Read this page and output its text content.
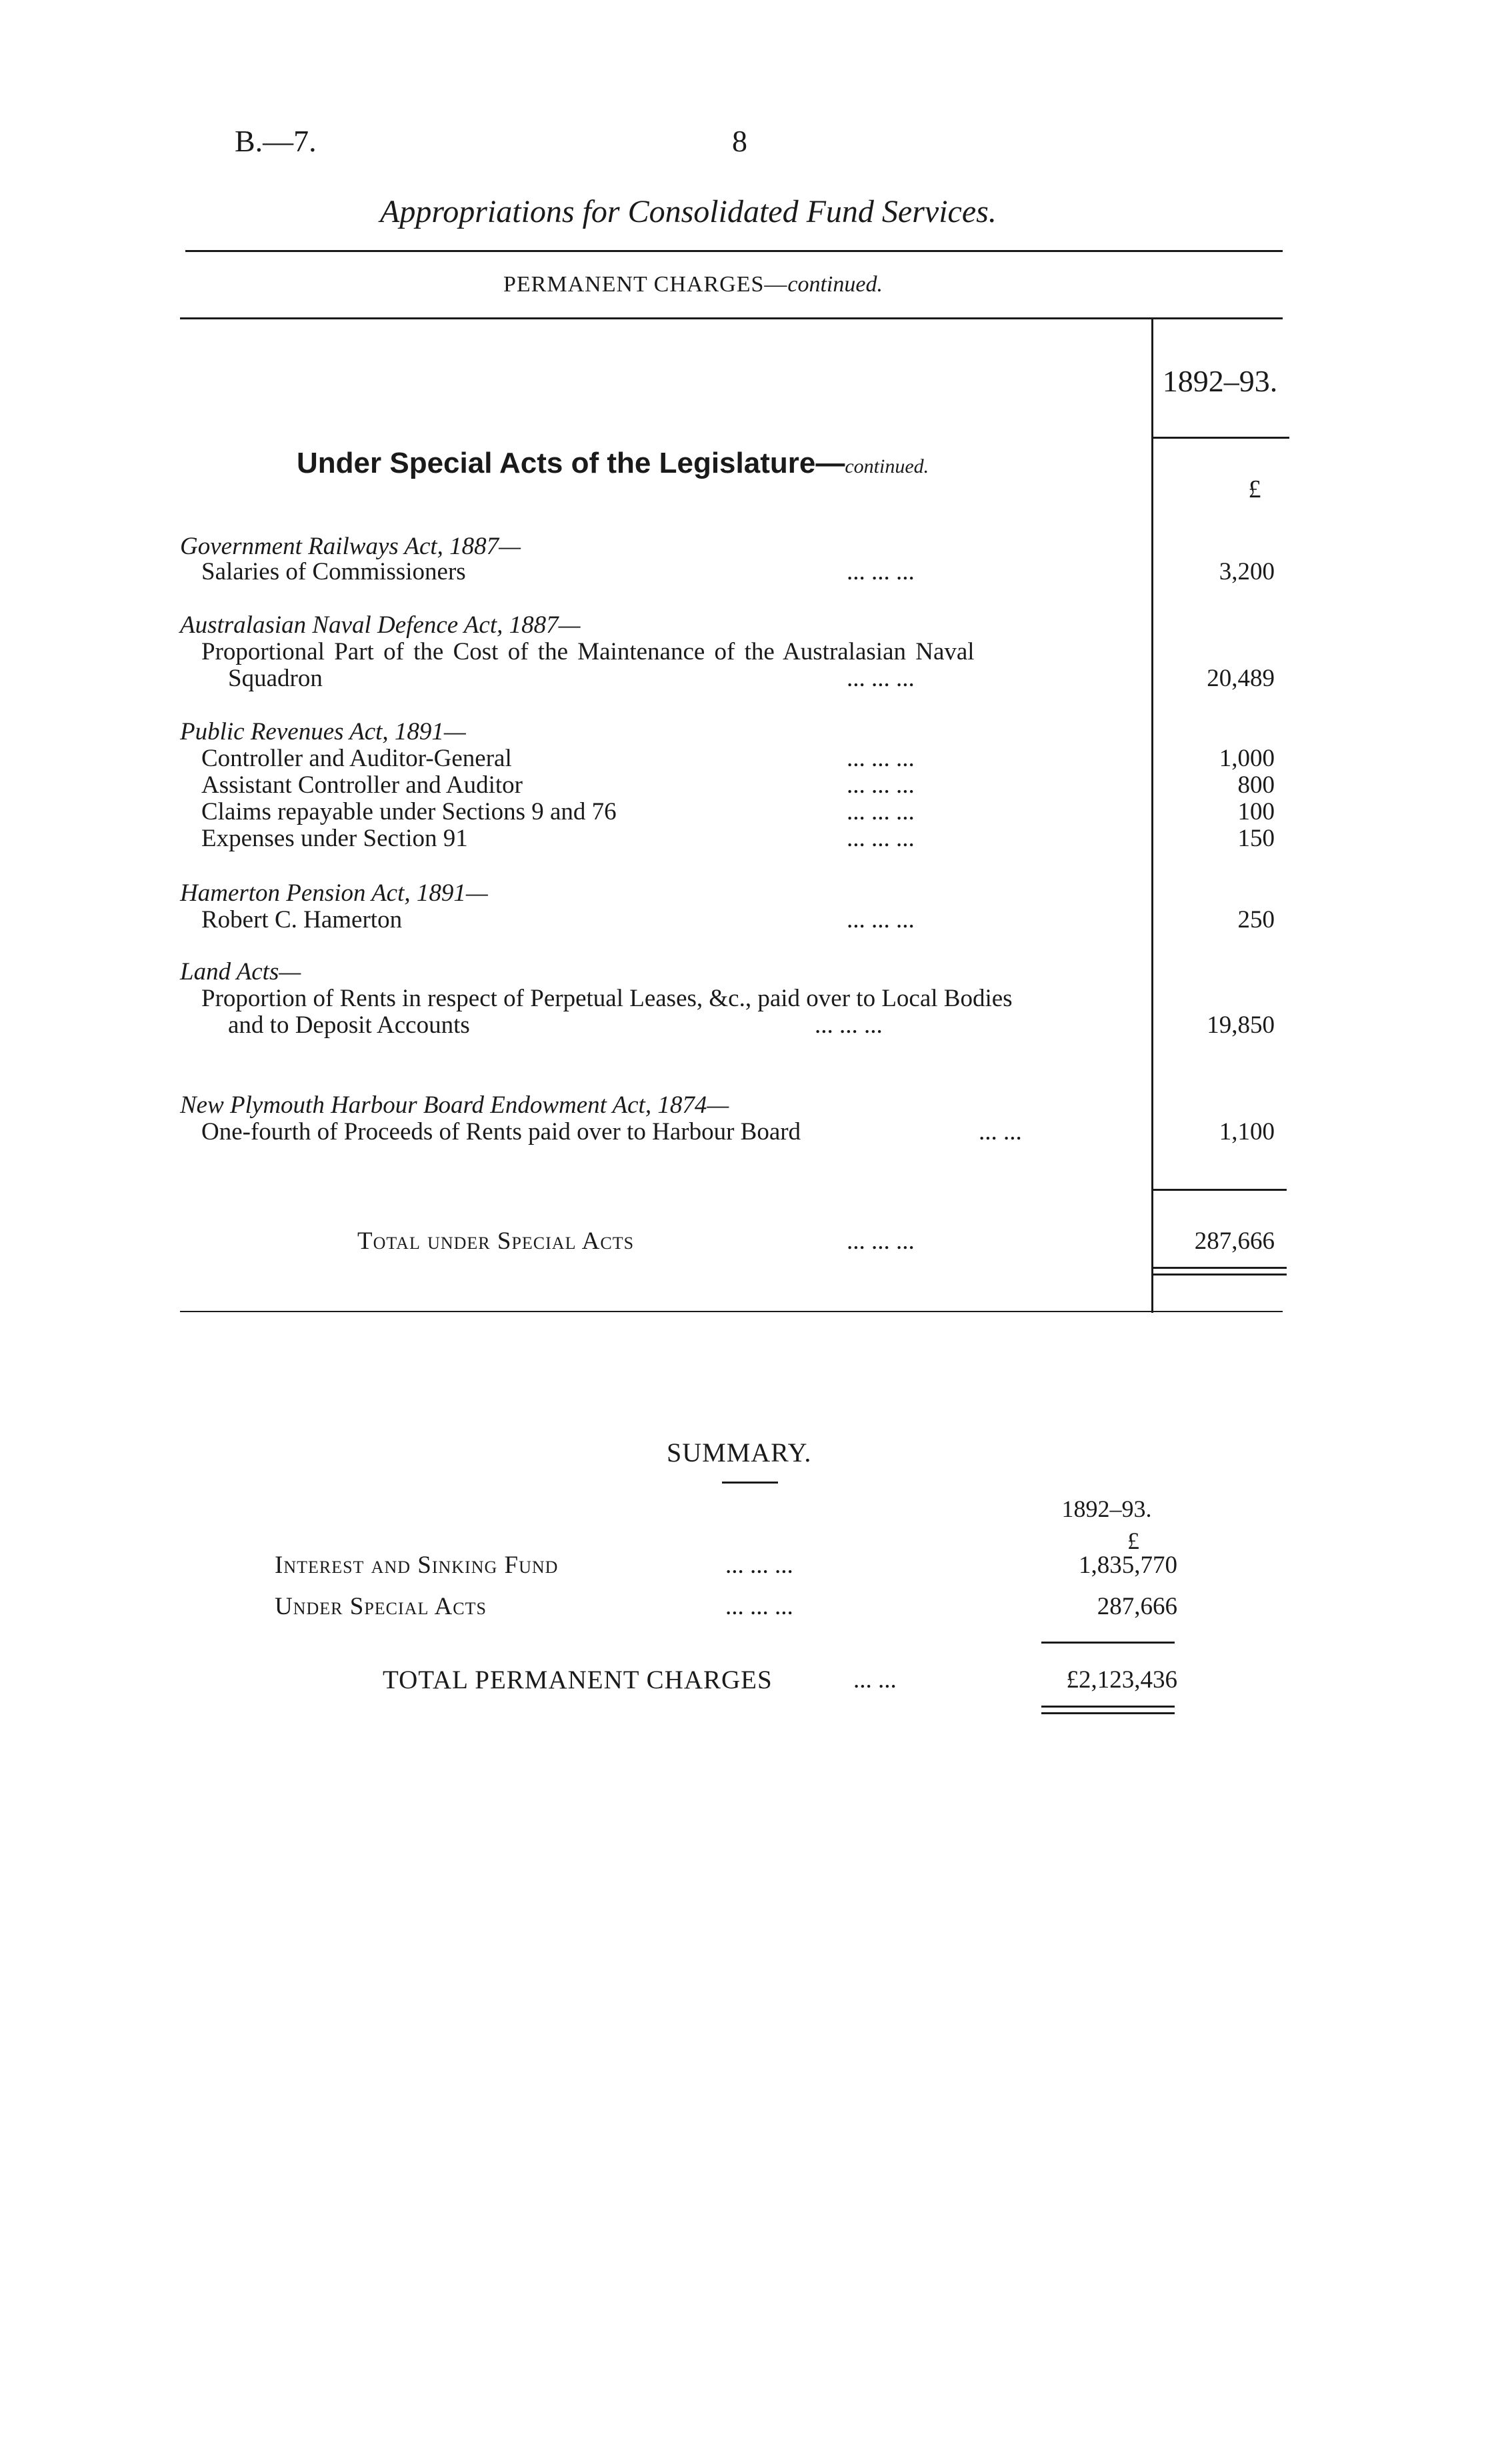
B.—7.	8
Appropriations for Consolidated Fund Services.
PERMANENT CHARGES—continued.
1892–93.
£
Under Special Acts of the Legislature—continued.
Government Railways Act, 1887—
Salaries of Commissioners	... ... ...	3,200
Australasian Naval Defence Act, 1887—
Proportional Part of the Cost of the Maintenance of the Australasian Naval
Squadron	... ... ...	20,489
Public Revenues Act, 1891—
Controller and Auditor-General	... ... ...	1,000
Assistant Controller and Auditor	... ... ...	800
Claims repayable under Sections 9 and 76	... ... ...	100
Expenses under Section 91	... ... ...	150
Hamerton Pension Act, 1891—
Robert C. Hamerton	... ... ...	250
Land Acts—
Proportion of Rents in respect of Perpetual Leases, &c., paid over to Local Bodies
and to Deposit Accounts	... ... ...	19,850
New Plymouth Harbour Board Endowment Act, 1874—
One-fourth of Proceeds of Rents paid over to Harbour Board	... ...	1,100
Total under Special Acts	... ... ...	287,666
SUMMARY.
1892–93.
£
Interest and Sinking Fund	... ... ...	1,835,770
Under Special Acts	... ... ...	287,666
TOTAL PERMANENT CHARGES	... ...	£2,123,436
